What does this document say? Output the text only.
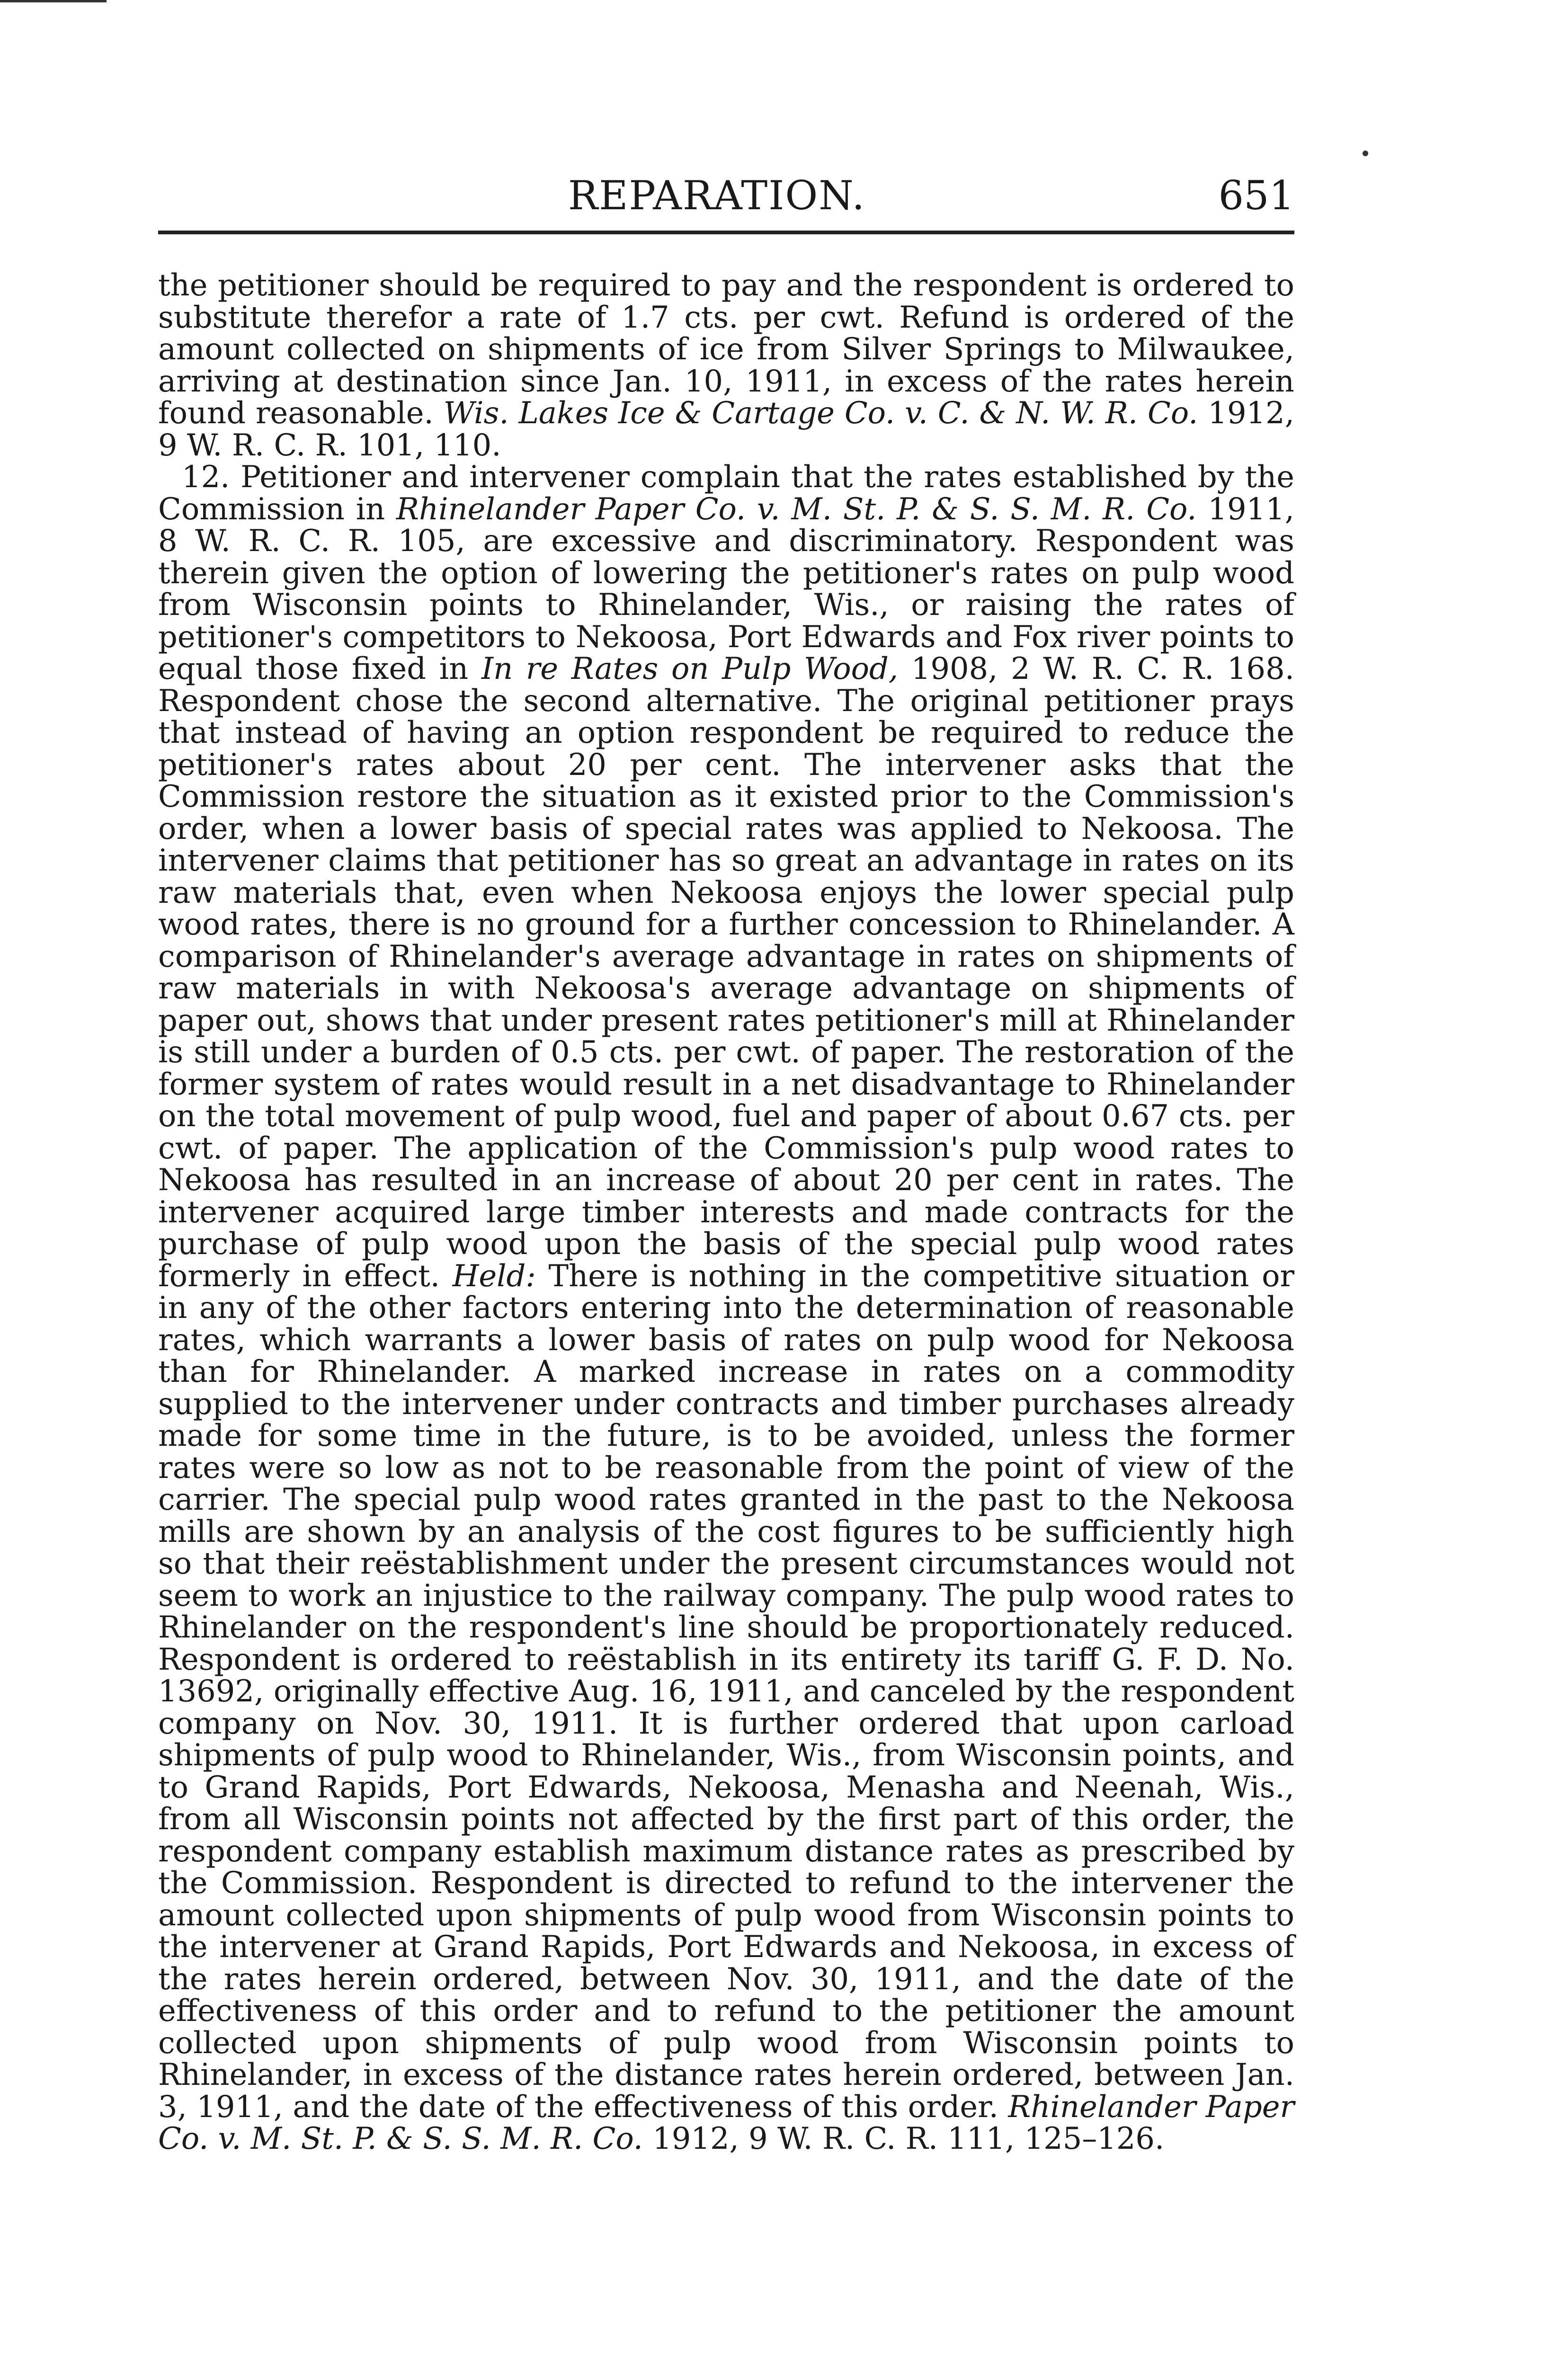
REPARATION.	651

the petitioner should be required to pay and the respondent is ordered to substitute therefor a rate of 1.7 cts. per cwt. Refund is ordered of the amount collected on shipments of ice from Silver Springs to Milwaukee, arriving at destination since Jan. 10, 1911, in excess of the rates herein found reasonable. Wis. Lakes Ice & Cartage Co. v. C. & N. W. R. Co. 1912, 9 W. R. C. R. 101, 110.

12. Petitioner and intervener complain that the rates established by the Commission in Rhinelander Paper Co. v. M. St. P. & S. S. M. R. Co. 1911, 8 W. R. C. R. 105, are excessive and discriminatory. Respondent was therein given the option of lowering the petitioner's rates on pulp wood from Wisconsin points to Rhinelander, Wis., or raising the rates of petitioner's competitors to Nekoosa, Port Edwards and Fox river points to equal those fixed in In re Rates on Pulp Wood, 1908, 2 W. R. C. R. 168. Respondent chose the second alternative. The original petitioner prays that instead of having an option respondent be required to reduce the petitioner's rates about 20 per cent. The intervener asks that the Commission restore the situation as it existed prior to the Commission's order, when a lower basis of special rates was applied to Nekoosa. The intervener claims that petitioner has so great an advantage in rates on its raw materials that, even when Nekoosa enjoys the lower special pulp wood rates, there is no ground for a further concession to Rhinelander. A comparison of Rhinelander's average advantage in rates on shipments of raw materials in with Nekoosa's average advantage on shipments of paper out, shows that under present rates petitioner's mill at Rhinelander is still under a burden of 0.5 cts. per cwt. of paper. The restoration of the former system of rates would result in a net disadvantage to Rhinelander on the total movement of pulp wood, fuel and paper of about 0.67 cts. per cwt. of paper. The application of the Commission's pulp wood rates to Nekoosa has resulted in an increase of about 20 per cent in rates. The intervener acquired large timber interests and made contracts for the purchase of pulp wood upon the basis of the special pulp wood rates formerly in effect. Held: There is nothing in the competitive situation or in any of the other factors entering into the determination of reasonable rates, which warrants a lower basis of rates on pulp wood for Nekoosa than for Rhinelander. A marked increase in rates on a commodity supplied to the intervener under contracts and timber purchases already made for some time in the future, is to be avoided, unless the former rates were so low as not to be reasonable from the point of view of the carrier. The special pulp wood rates granted in the past to the Nekoosa mills are shown by an analysis of the cost figures to be sufficiently high so that their reëstablishment under the present circumstances would not seem to work an injustice to the railway company. The pulp wood rates to Rhinelander on the respondent's line should be proportionately reduced. Respondent is ordered to reëstablish in its entirety its tariff G. F. D. No. 13692, originally effective Aug. 16, 1911, and canceled by the respondent company on Nov. 30, 1911. It is further ordered that upon carload shipments of pulp wood to Rhinelander, Wis., from Wisconsin points, and to Grand Rapids, Port Edwards, Nekoosa, Menasha and Neenah, Wis., from all Wisconsin points not affected by the first part of this order, the respondent company establish maximum distance rates as prescribed by the Commission. Respondent is directed to refund to the intervener the amount collected upon shipments of pulp wood from Wisconsin points to the intervener at Grand Rapids, Port Edwards and Nekoosa, in excess of the rates herein ordered, between Nov. 30, 1911, and the date of the effectiveness of this order and to refund to the petitioner the amount collected upon shipments of pulp wood from Wisconsin points to Rhinelander, in excess of the distance rates herein ordered, between Jan. 3, 1911, and the date of the effectiveness of this order. Rhinelander Paper Co. v. M. St. P. & S. S. M. R. Co. 1912, 9 W. R. C. R. 111, 125–126.
